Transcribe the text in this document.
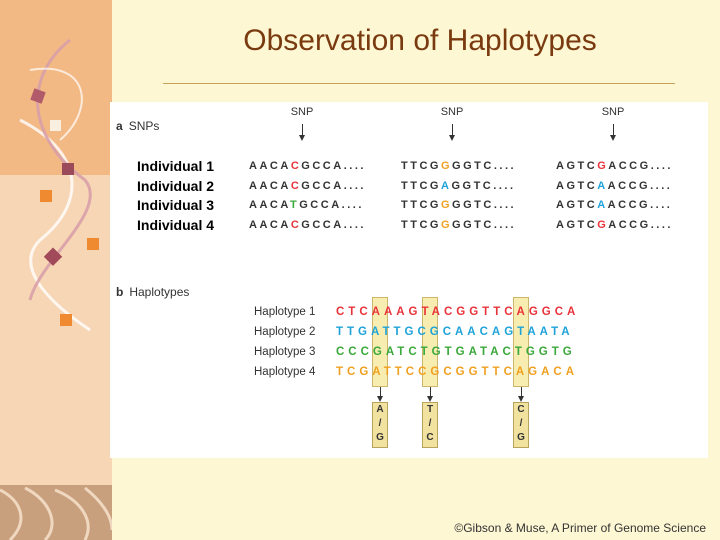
Observation of Haplotypes
a SNPs
SNP	SNP	SNP
Individual 1	AACACGCCA....	TTCGGGGTC....	AGTCGACCG....
Individual 2	AACACGCCA....	TTCGAGGTC....	AGTCAACCG....
Individual 3	AACATGCCA....	TTCGGGGTC....	AGTCAACCG....
Individual 4	AACACGCCA....	TTCGGGGTC....	AGTCGACCG....
b Haplotypes
Haplotype 1 CTCAAAGTACGGTTCAGGCA
Haplotype 2 TTGATTGCGCAACAGTAATA
Haplotype 3 CCCGATCTGTGATACTGGTG
Haplotype 4 TCGATTCCGCGGTTCAGACA
A
/
G
T
/
C
C
/
G
©Gibson & Muse, A Primer of Genome Science
